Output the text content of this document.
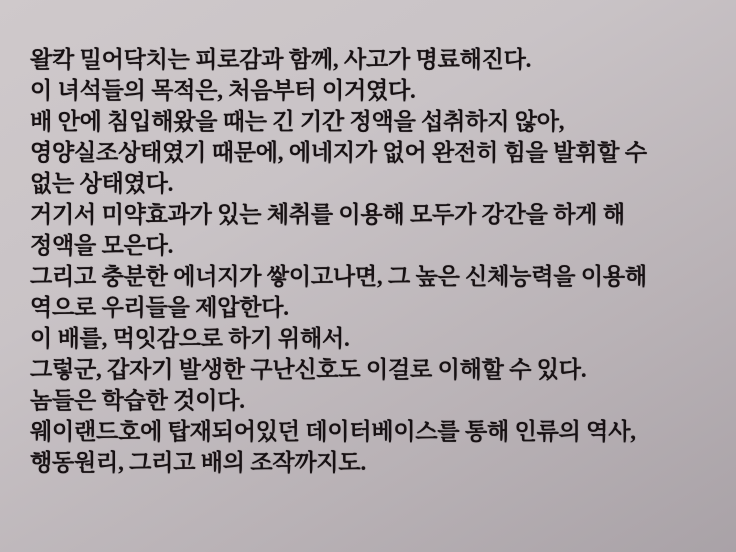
왈칵 밀어닥치는 피로감과 함께, 사고가 명료해진다.
이 녀석들의 목적은, 처음부터 이거였다.
배 안에 침입해왔을 때는 긴 기간 정액을 섭취하지 않아,
영양실조상태였기 때문에, 에네지가 없어 완전히 힘을 발휘할 수
없는 상태였다.
거기서 미약효과가 있는 체취를 이용해 모두가 강간을 하게 해
정액을 모은다.
그리고 충분한 에너지가 쌓이고나면, 그 높은 신체능력을 이용해
역으로 우리들을 제압한다.
이 배를, 먹잇감으로 하기 위해서.
그렇군, 갑자기 발생한 구난신호도 이걸로 이해할 수 있다.
놈들은 학습한 것이다.
웨이랜드호에 탑재되어있던 데이터베이스를 통해 인류의 역사,
행동원리, 그리고 배의 조작까지도.
